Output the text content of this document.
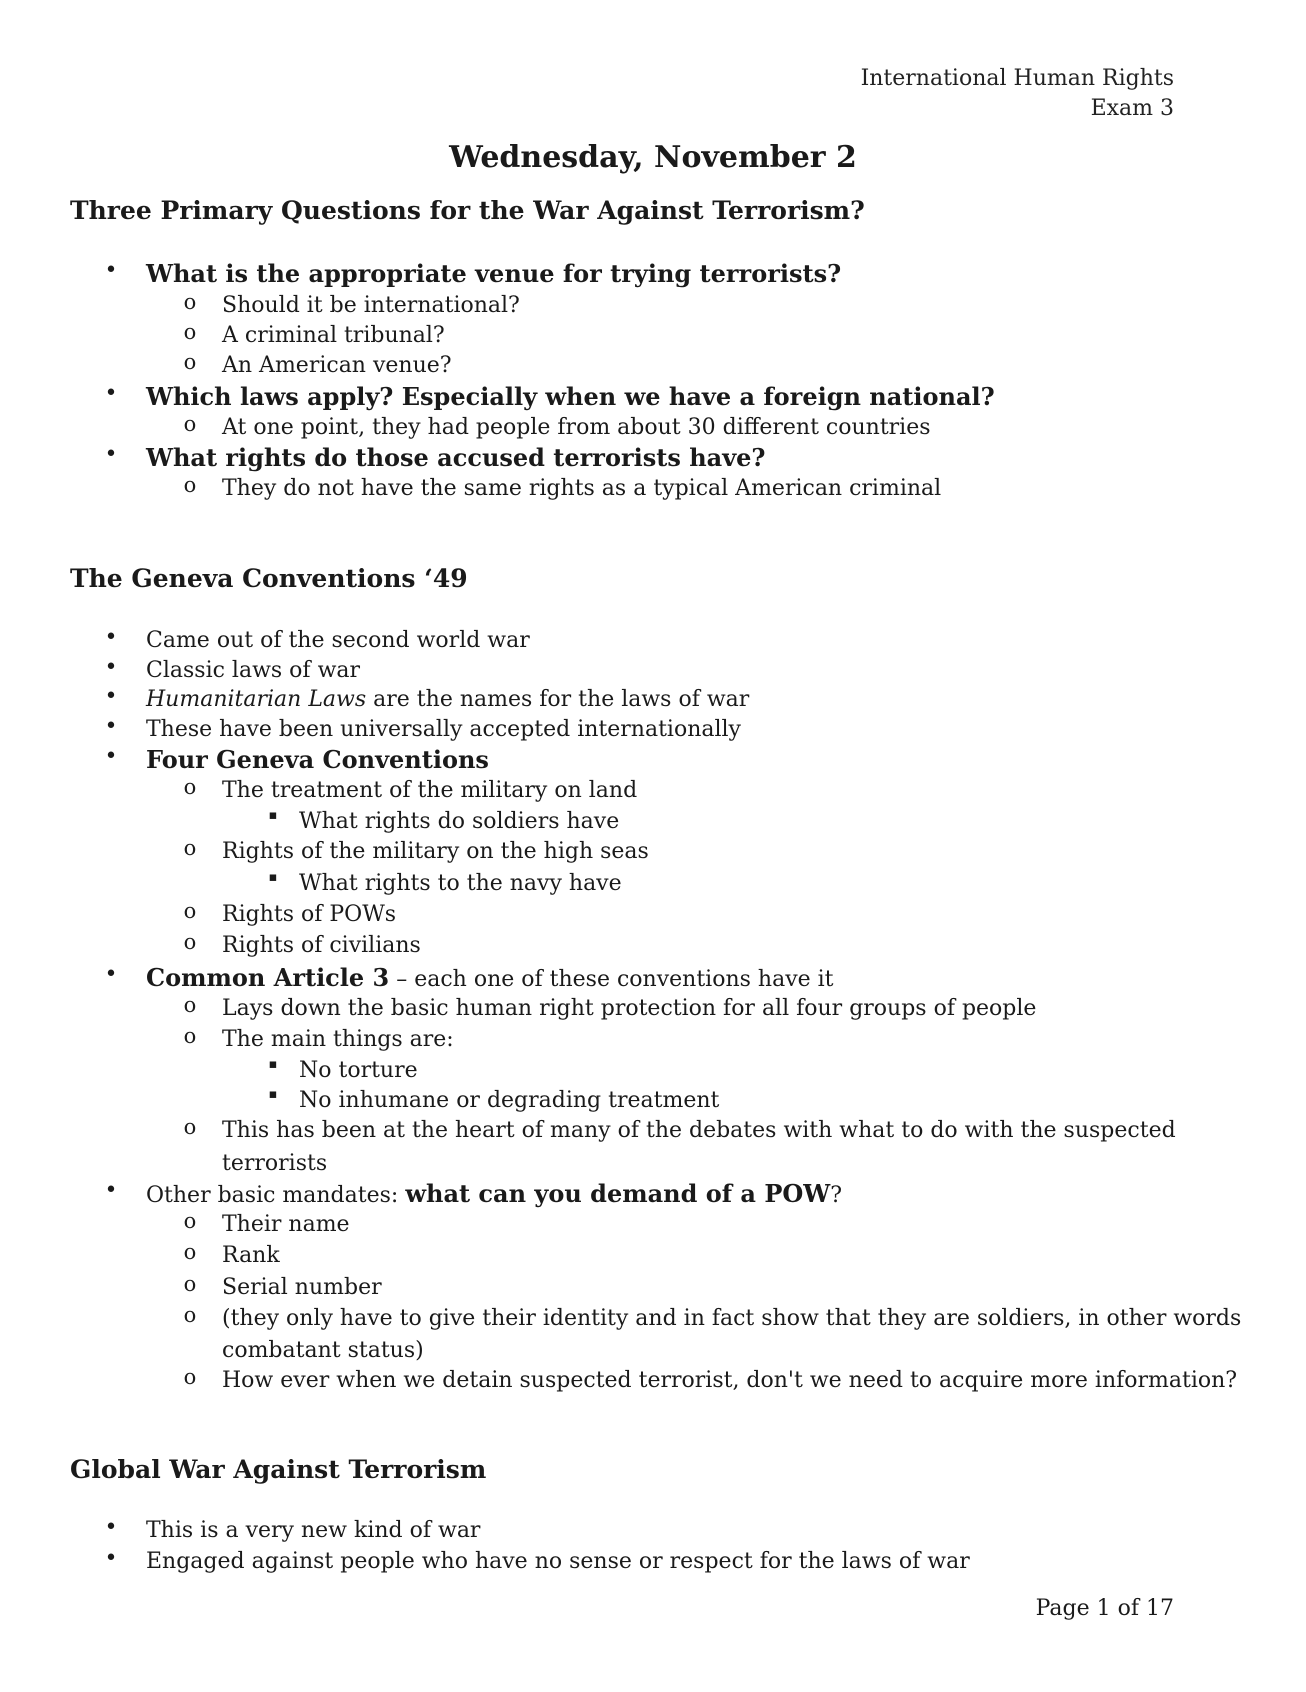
International Human Rights
Exam 3
Wednesday, November 2
Three Primary Questions for the War Against Terrorism?
•
What is the appropriate venue for trying terrorists?
o
Should it be international?
o
A criminal tribunal?
o
An American venue?
•
Which laws apply? Especially when we have a foreign national?
o
At one point, they had people from about 30 different countries
•
What rights do those accused terrorists have?
o
They do not have the same rights as a typical American criminal
The Geneva Conventions ‘49
•
Came out of the second world war
•
Classic laws of war
•
Humanitarian Laws are the names for the laws of war
•
These have been universally accepted internationally
•
Four Geneva Conventions
o
The treatment of the military on land
▪
What rights do soldiers have
o
Rights of the military on the high seas
▪
What rights to the navy have
o
Rights of POWs
o
Rights of civilians
•
Common Article 3 – each one of these conventions have it
o
Lays down the basic human right protection for all four groups of people
o
The main things are:
▪
No torture
▪
No inhumane or degrading treatment
o
This has been at the heart of many of the debates with what to do with the suspected
terrorists
•
Other basic mandates: what can you demand of a POW?
o
Their name
o
Rank
o
Serial number
o
(they only have to give their identity and in fact show that they are soldiers, in other words
combatant status)
o
How ever when we detain suspected terrorist, don't we need to acquire more information?
Global War Against Terrorism
•
This is a very new kind of war
•
Engaged against people who have no sense or respect for the laws of war
Page 1 of 17
